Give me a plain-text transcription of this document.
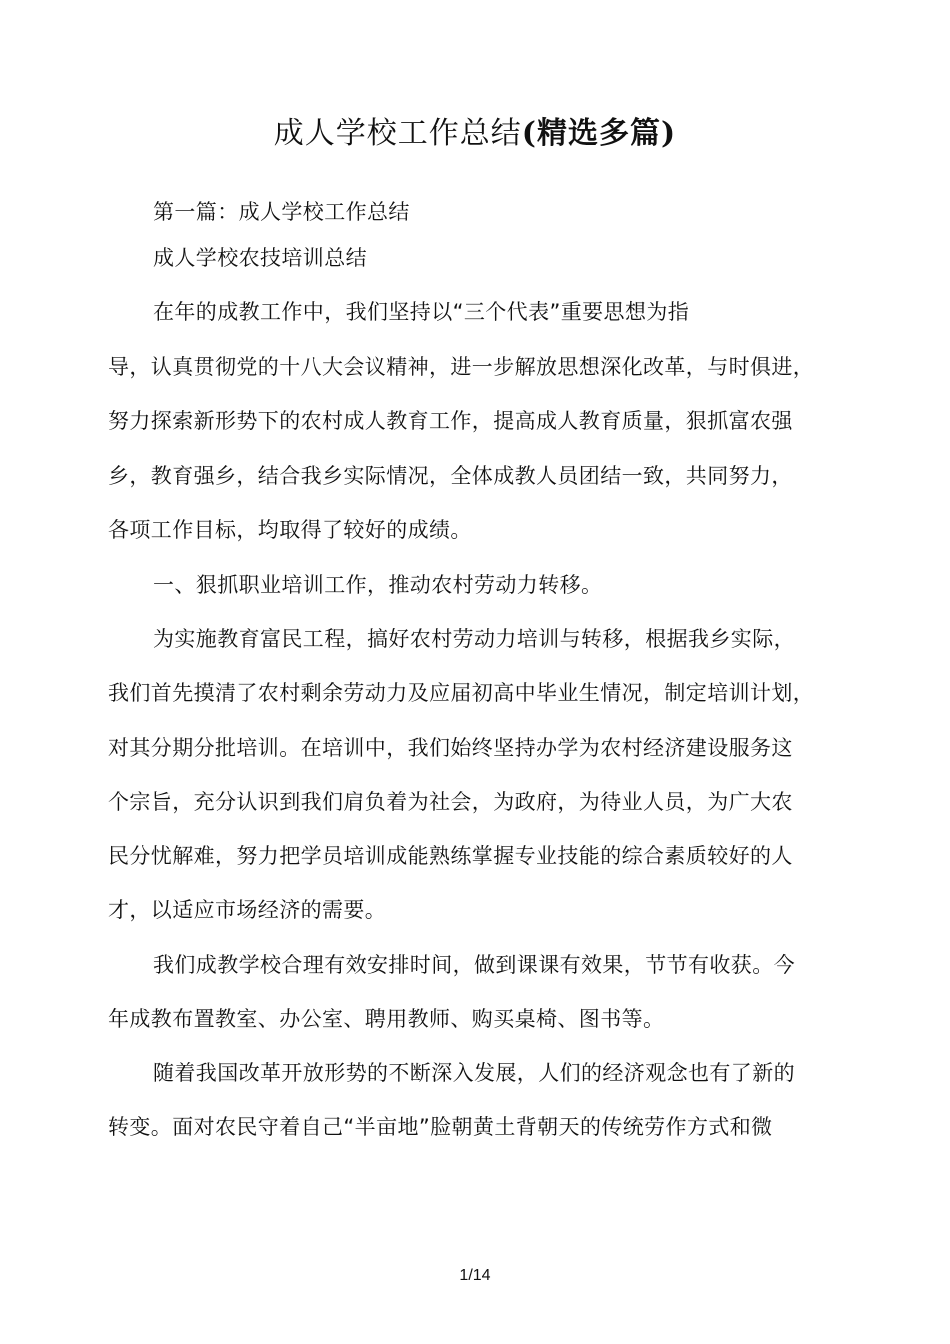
成人学校工作总结(精选多篇)
第一篇：成人学校工作总结
成人学校农技培训总结
在年的成教工作中，我们坚持以“三个代表”重要思想为指
导，认真贯彻党的十八大会议精神，进一步解放思想深化改革，与时俱进，
努力探索新形势下的农村成人教育工作，提高成人教育质量，狠抓富农强
乡，教育强乡，结合我乡实际情况，全体成教人员团结一致，共同努力，
各项工作目标，均取得了较好的成绩。
一、狠抓职业培训工作，推动农村劳动力转移。
为实施教育富民工程，搞好农村劳动力培训与转移，根据我乡实际，
我们首先摸清了农村剩余劳动力及应届初高中毕业生情况，制定培训计划，
对其分期分批培训。在培训中，我们始终坚持办学为农村经济建设服务这
个宗旨，充分认识到我们肩负着为社会，为政府，为待业人员，为广大农
民分忧解难，努力把学员培训成能熟练掌握专业技能的综合素质较好的人
才，以适应市场经济的需要。
我们成教学校合理有效安排时间，做到课课有效果，节节有收获。今
年成教布置教室、办公室、聘用教师、购买桌椅、图书等。
随着我国改革开放形势的不断深入发展，人们的经济观念也有了新的
转变。面对农民守着自己“半亩地”脸朝黄土背朝天的传统劳作方式和微
1/14
